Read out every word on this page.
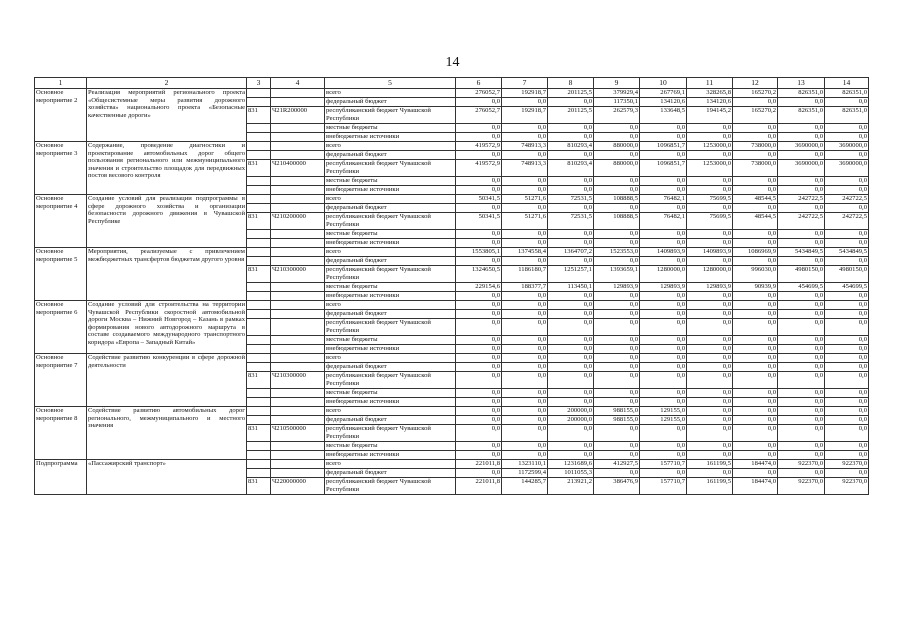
14
1	2	3	4	5	6	7	8	9	10	11	12	13	14
Основное мероприятие 2	Реализация мероприятий регионального проекта «Общесистемные меры развития дорожного хозяйства» национального проекта «Безопасные качественные дороги»			всего	276052,7	192918,7	201125,5	379929,4	267769,1	328265,8	165270,2	826351,0	826351,0
				федеральный бюджет	0,0	0,0	0,0	117350,1	134120,6	134120,6	0,0	0,0	0,0
		831	Ч21R200000	республиканский бюджет Чувашской Республики	276052,7	192918,7	201125,5	262579,3	133648,5	194145,2	165270,2	826351,0	826351,0
				местные бюджеты	0,0	0,0	0,0	0,0	0,0	0,0	0,0	0,0	0,0
				внебюджетные источники	0,0	0,0	0,0	0,0	0,0	0,0	0,0	0,0	0,0
Основное мероприятие 3	Содержание, проведение диагностики и проектирование автомобильных дорог общего пользования регионального или межмуниципального значения и строительство площадок для передвижных постов весового контроля			всего	419572,9	748913,3	810293,4	880000,0	1096851,7	1253000,0	738000,0	3690000,0	3690000,0
				федеральный бюджет	0,0	0,0	0,0	0,0	0,0	0,0	0,0	0,0	0,0
		831	Ч210400000	республиканский бюджет Чувашской Республики	419572,9	748913,3	810293,4	880000,0	1096851,7	1253000,0	738000,0	3690000,0	3690000,0
				местные бюджеты	0,0	0,0	0,0	0,0	0,0	0,0	0,0	0,0	0,0
				внебюджетные источники	0,0	0,0	0,0	0,0	0,0	0,0	0,0	0,0	0,0
Основное мероприятие 4	Создание условий для реализации подпрограммы в сфере дорожного хозяйства и организации безопасности дорожного движения в Чувашской Республике			всего	50341,5	51271,6	72531,5	108888,5	76482,1	75699,5	48544,5	242722,5	242722,5
				федеральный бюджет	0,0	0,0	0,0	0,0	0,0	0,0	0,0	0,0	0,0
		831	Ч210200000	республиканский бюджет Чувашской Республики	50341,5	51271,6	72531,5	108888,5	76482,1	75699,5	48544,5	242722,5	242722,5
				местные бюджеты	0,0	0,0	0,0	0,0	0,0	0,0	0,0	0,0	0,0
				внебюджетные источники	0,0	0,0	0,0	0,0	0,0	0,0	0,0	0,0	0,0
Основное мероприятие 5	Мероприятия, реализуемые с привлечением межбюджетных трансфертов бюджетам другого уровня			всего	1553805,1	1374558,4	1364707,2	1523553,0	1409893,9	1409893,9	1086969,9	5434849,5	5434849,5
				федеральный бюджет	0,0	0,0	0,0	0,0	0,0	0,0	0,0	0,0	0,0
		831	Ч210300000	республиканский бюджет Чувашской Республики	1324650,5	1186180,7	1251257,1	1393659,1	1280000,0	1280000,0	996030,0	4980150,0	4980150,0
				местные бюджеты	229154,6	188377,7	113450,1	129893,9	129893,9	129893,9	90939,9	454699,5	454699,5
				внебюджетные источники	0,0	0,0	0,0	0,0	0,0	0,0	0,0	0,0	0,0
Основное мероприятие 6	Создание условий для строительства на территории Чувашской Республики скоростной автомобильной дороги Москва – Нижний Новгород – Казань в рамках формирования нового автодорожного маршрута в составе создаваемого международного транспортного коридора «Европа – Западный Китай»			всего	0,0	0,0	0,0	0,0	0,0	0,0	0,0	0,0	0,0
				федеральный бюджет	0,0	0,0	0,0	0,0	0,0	0,0	0,0	0,0	0,0
				республиканский бюджет Чувашской Республики	0,0	0,0	0,0	0,0	0,0	0,0	0,0	0,0	0,0
				местные бюджеты	0,0	0,0	0,0	0,0	0,0	0,0	0,0	0,0	0,0
				внебюджетные источники	0,0	0,0	0,0	0,0	0,0	0,0	0,0	0,0	0,0
Основное мероприятие 7	Содействие развитию конкуренции в сфере дорожной деятельности			всего	0,0	0,0	0,0	0,0	0,0	0,0	0,0	0,0	0,0
				федеральный бюджет	0,0	0,0	0,0	0,0	0,0	0,0	0,0	0,0	0,0
		831	Ч210300000	республиканский бюджет Чувашской Республики	0,0	0,0	0,0	0,0	0,0	0,0	0,0	0,0	0,0
				местные бюджеты	0,0	0,0	0,0	0,0	0,0	0,0	0,0	0,0	0,0
				внебюджетные источники	0,0	0,0	0,0	0,0	0,0	0,0	0,0	0,0	0,0
Основное мероприятие 8	Содействие развитию автомобильных дорог регионального, межмуниципального и местного значения			всего	0,0	0,0	200000,0	988155,0	129155,0	0,0	0,0	0,0	0,0
				федеральный бюджет	0,0	0,0	200000,0	988155,0	129155,0	0,0	0,0	0,0	0,0
		831	Ч210500000	республиканский бюджет Чувашской Республики	0,0	0,0	0,0	0,0	0,0	0,0	0,0	0,0	0,0
				местные бюджеты	0,0	0,0	0,0	0,0	0,0	0,0	0,0	0,0	0,0
				внебюджетные источники	0,0	0,0	0,0	0,0	0,0	0,0	0,0	0,0	0,0
Подпрограмма	«Пассажирский транспорт»			всего	221011,8	1323110,1	1231689,6	412927,5	157710,7	161199,5	184474,0	922370,0	922370,0
				федеральный бюджет	0,0	1172599,4	1011055,3	0,0	0,0	0,0	0,0	0,0	0,0
		831	Ч220000000	республиканский бюджет Чувашской Республики	221011,8	144285,7	213921,2	386476,9	157710,7	161199,5	184474,0	922370,0	922370,0
